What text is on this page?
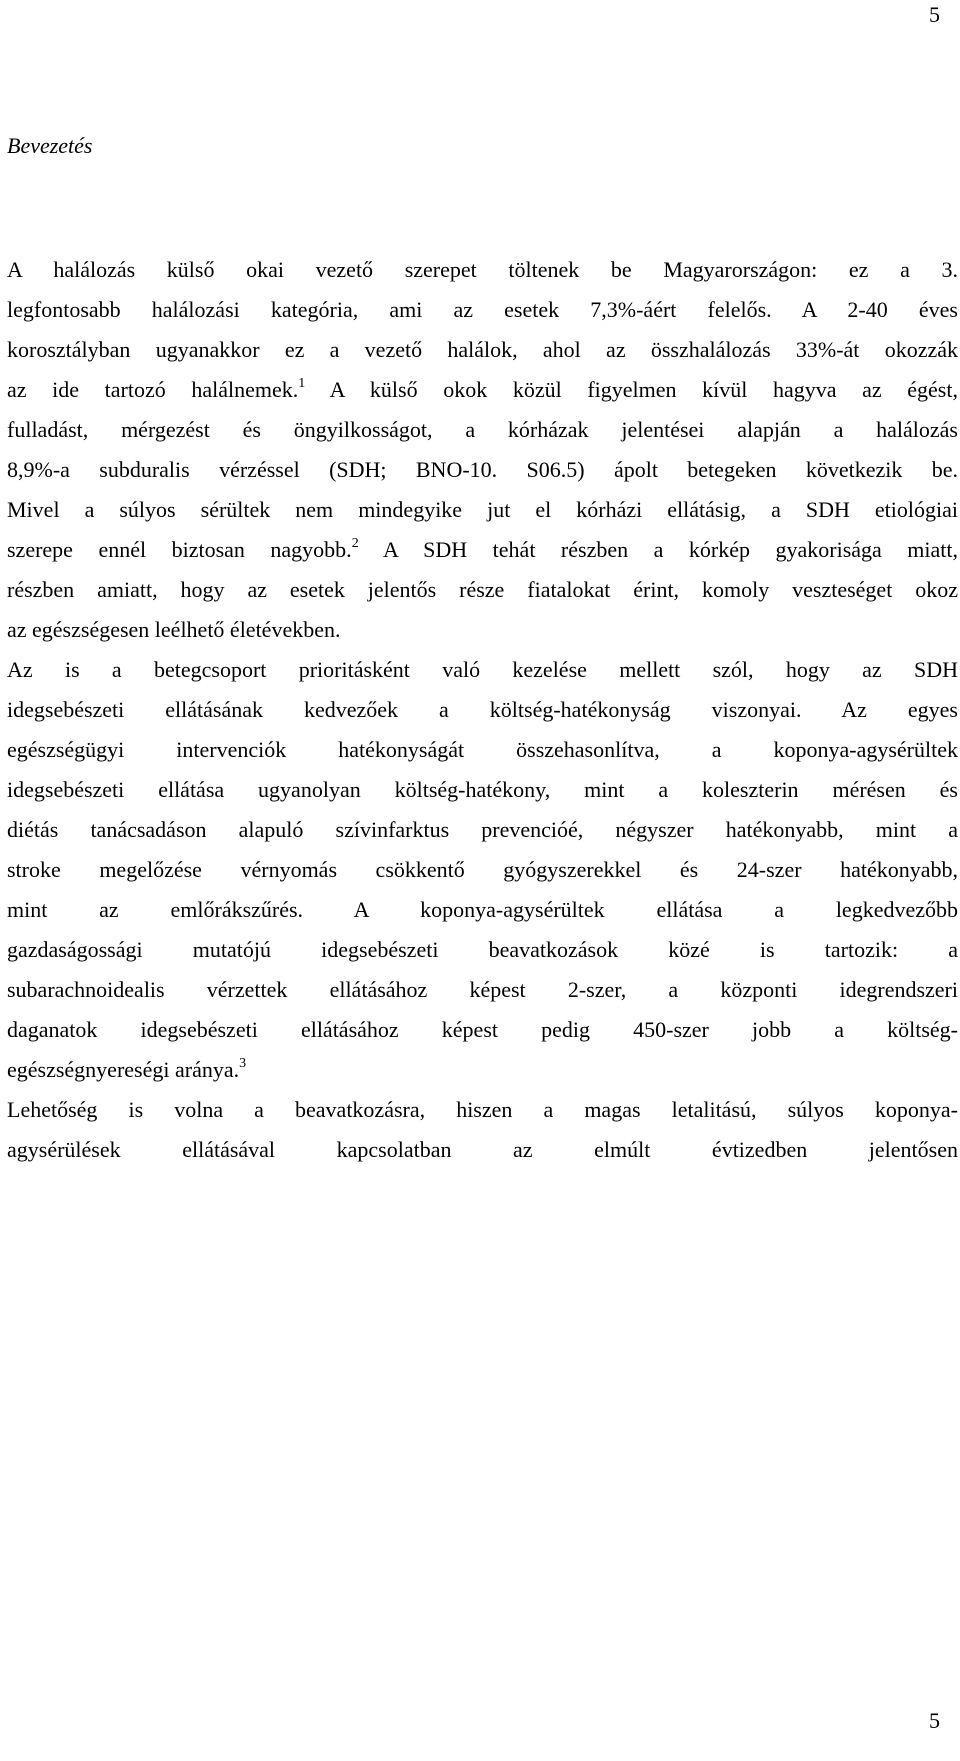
5
Bevezetés
A halálozás külső okai vezető szerepet töltenek be Magyarországon: ez a 3.
legfontosabb halálozási kategória, ami az esetek 7,3%-áért felelős. A 2-40 éves
korosztályban ugyanakkor ez a vezető halálok, ahol az összhalálozás 33%-át okozzák
az ide tartozó halálnemek.$^1$ A külső okok közül figyelmen kívül hagyva az égést,
fulladást, mérgezést és öngyilkosságot, a kórházak jelentései alapján a halálozás
8,9%-a subduralis vérzéssel (SDH; BNO-10. S06.5) ápolt betegeken következik be.
Mivel a súlyos sérültek nem mindegyike jut el kórházi ellátásig, a SDH etiológiai
szerepe ennél biztosan nagyobb.$^2$ A SDH tehát részben a kórkép gyakorisága miatt,
részben amiatt, hogy az esetek jelentős része fiatalokat érint, komoly veszteséget okoz
az egészségesen leélhető életévekben.
Az is a betegcsoport prioritásként való kezelése mellett szól, hogy az SDH
idegsebészeti ellátásának kedvezőek a költség-hatékonyság viszonyai. Az egyes
egészségügyi intervenciók hatékonyságát összehasonlítva, a koponya-agysérültek
idegsebészeti ellátása ugyanolyan költség-hatékony, mint a koleszterin mérésen és
diétás tanácsadáson alapuló szívinfarktus prevencióé, négyszer hatékonyabb, mint a
stroke megelőzése vérnyomás csökkentő gyógyszerekkel és 24-szer hatékonyabb,
mint az emlőrákszűrés. A koponya-agysérültek ellátása a legkedvezőbb
gazdaságossági mutatójú idegsebészeti beavatkozások közé is tartozik: a
subarachnoidealis vérzettek ellátásához képest 2-szer, a központi idegrendszeri
daganatok idegsebészeti ellátásához képest pedig 450-szer jobb a költség-
egészségnyereségi aránya.$^3$
Lehetőség is volna a beavatkozásra, hiszen a magas letalitású, súlyos koponya-
agysérülések ellátásával kapcsolatban az elmúlt évtizedben jelentősen
5
